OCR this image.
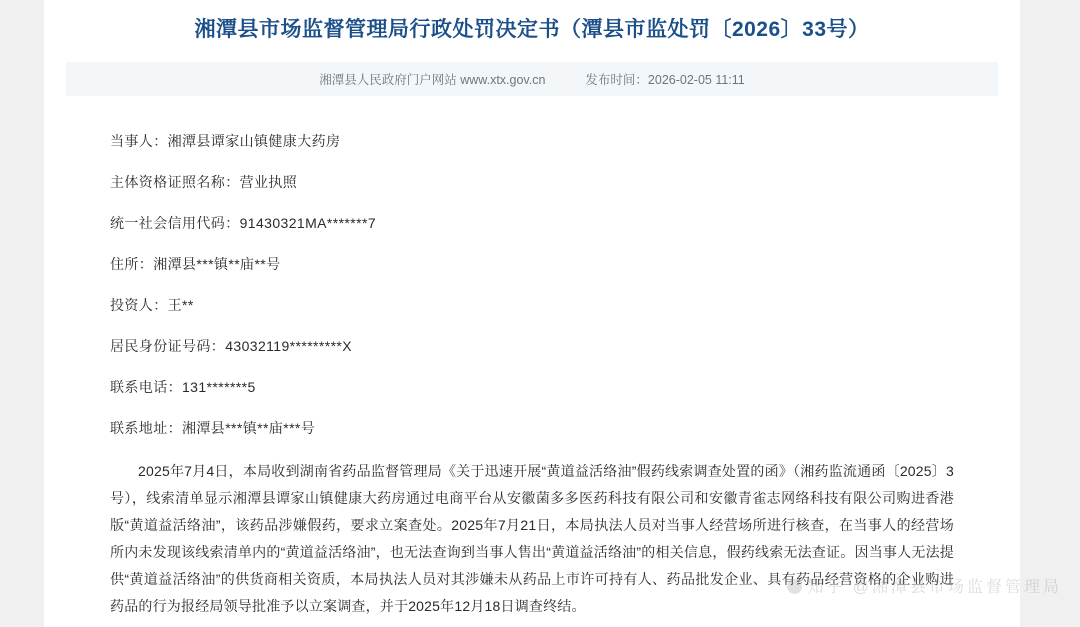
湘潭县市场监督管理局行政处罚决定书（潭县市监处罚〔2026〕33号）
湘潭县人民政府门户网站 www.xtx.gov.cn	发布时间：2026-02-05 11:11

当事人：湘潭县谭家山镇健康大药房

主体资格证照名称：营业执照

统一社会信用代码：91430321MA*******7

住所：湘潭县***镇**庙**号

投资人：王**

居民身份证号码：43032119*********X

联系电话：131*******5

联系地址：湘潭县***镇**庙***号

2025年7月4日，本局收到湖南省药品监督管理局《关于迅速开展“黄道益活络油”假药线索调查处置的函》（湘药监流通函〔2025〕3号），线索清单显示湘潭县谭家山镇健康大药房通过电商平台从安徽菌多多医药科技有限公司和安徽青雀志网络科技有限公司购进香港版“黄道益活络油”，该药品涉嫌假药，要求立案查处。2025年7月21日，本局执法人员对当事人经营场所进行核查，在当事人的经营场所内未发现该线索清单内的“黄道益活络油”，也无法查询到当事人售出“黄道益活络油”的相关信息，假药线索无法查证。因当事人无法提供“黄道益活络油”的供货商相关资质，本局执法人员对其涉嫌未从药品上市许可持有人、药品批发企业、具有药品经营资格的企业购进药品的行为报经局领导批准予以立案调查，并于2025年12月18日调查终结。

知乎 @湘潭县市场监督管理局
